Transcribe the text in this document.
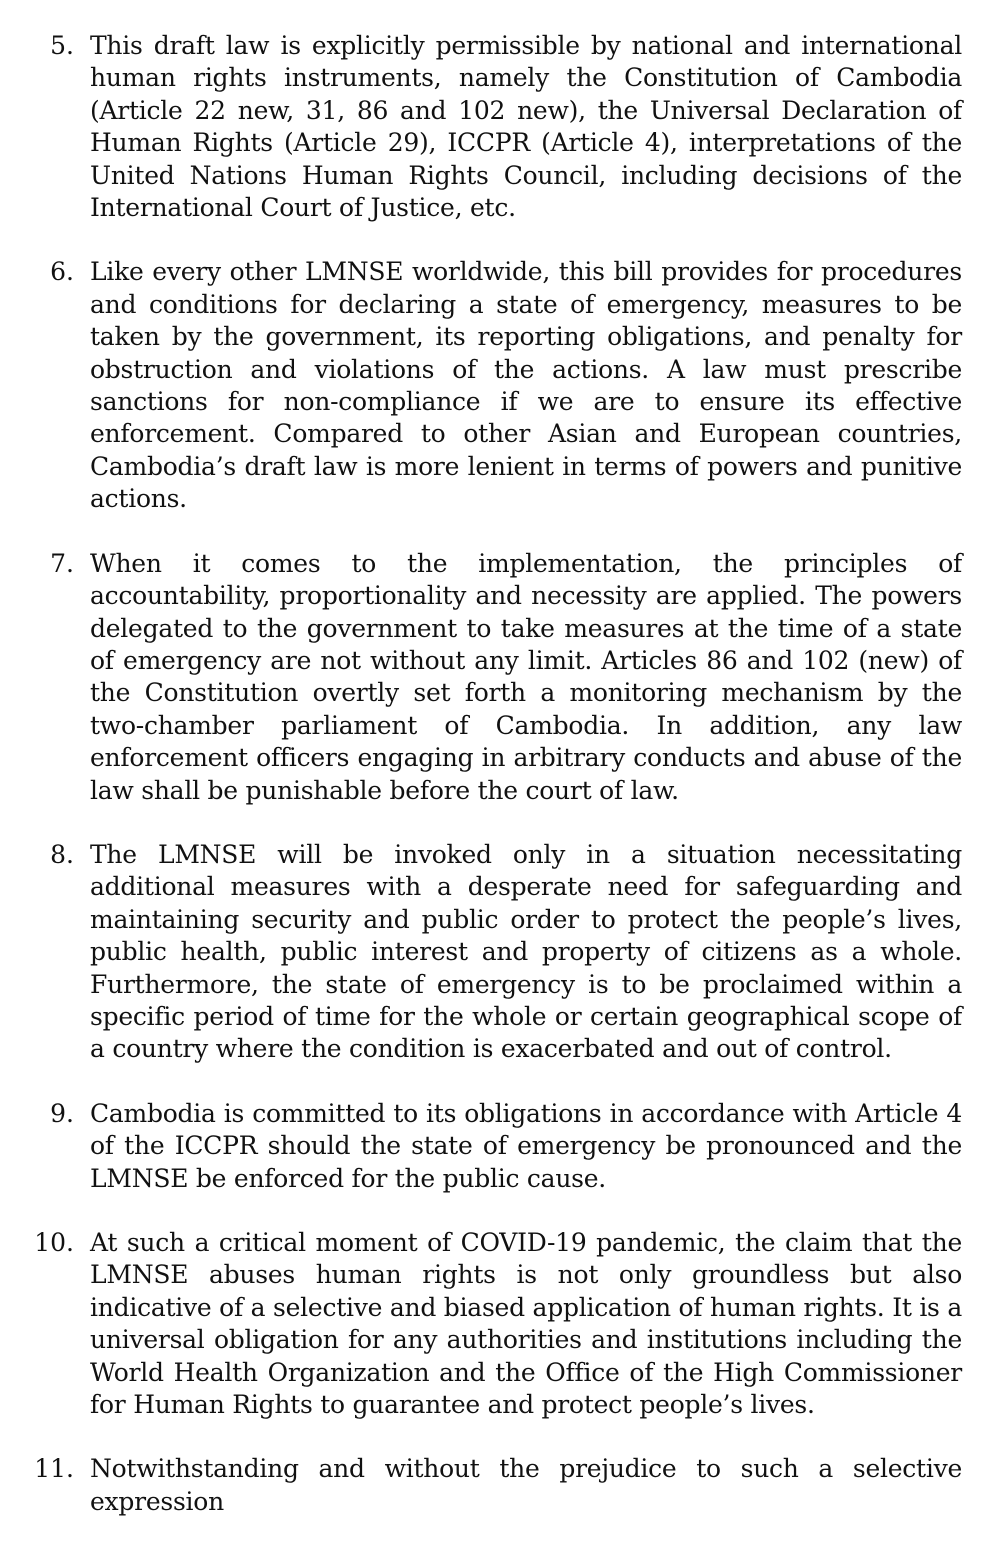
5. This draft law is explicitly permissible by national and international human rights instruments, namely the Constitution of Cambodia (Article 22 new, 31, 86 and 102 new), the Universal Declaration of Human Rights (Article 29), ICCPR (Article 4), interpretations of the United Nations Human Rights Council, including decisions of the International Court of Justice, etc.
6. Like every other LMNSE worldwide, this bill provides for procedures and conditions for declaring a state of emergency, measures to be taken by the government, its reporting obligations, and penalty for obstruction and violations of the actions. A law must prescribe sanctions for non-compliance if we are to ensure its effective enforcement. Compared to other Asian and European countries, Cambodia’s draft law is more lenient in terms of powers and punitive actions.
7. When it comes to the implementation, the principles of accountability, proportionality and necessity are applied. The powers delegated to the government to take measures at the time of a state of emergency are not without any limit. Articles 86 and 102 (new) of the Constitution overtly set forth a monitoring mechanism by the two-chamber parliament of Cambodia. In addition, any law enforcement officers engaging in arbitrary conducts and abuse of the law shall be punishable before the court of law.
8. The LMNSE will be invoked only in a situation necessitating additional measures with a desperate need for safeguarding and maintaining security and public order to protect the people’s lives, public health, public interest and property of citizens as a whole. Furthermore, the state of emergency is to be proclaimed within a specific period of time for the whole or certain geographical scope of a country where the condition is exacerbated and out of control.
9. Cambodia is committed to its obligations in accordance with Article 4 of the ICCPR should the state of emergency be pronounced and the LMNSE be enforced for the public cause.
10. At such a critical moment of COVID-19 pandemic, the claim that the LMNSE abuses human rights is not only groundless but also indicative of a selective and biased application of human rights. It is a universal obligation for any authorities and institutions including the World Health Organization and the Office of the High Commissioner for Human Rights to guarantee and protect people’s lives.
11. Notwithstanding and without the prejudice to such a selective expression
